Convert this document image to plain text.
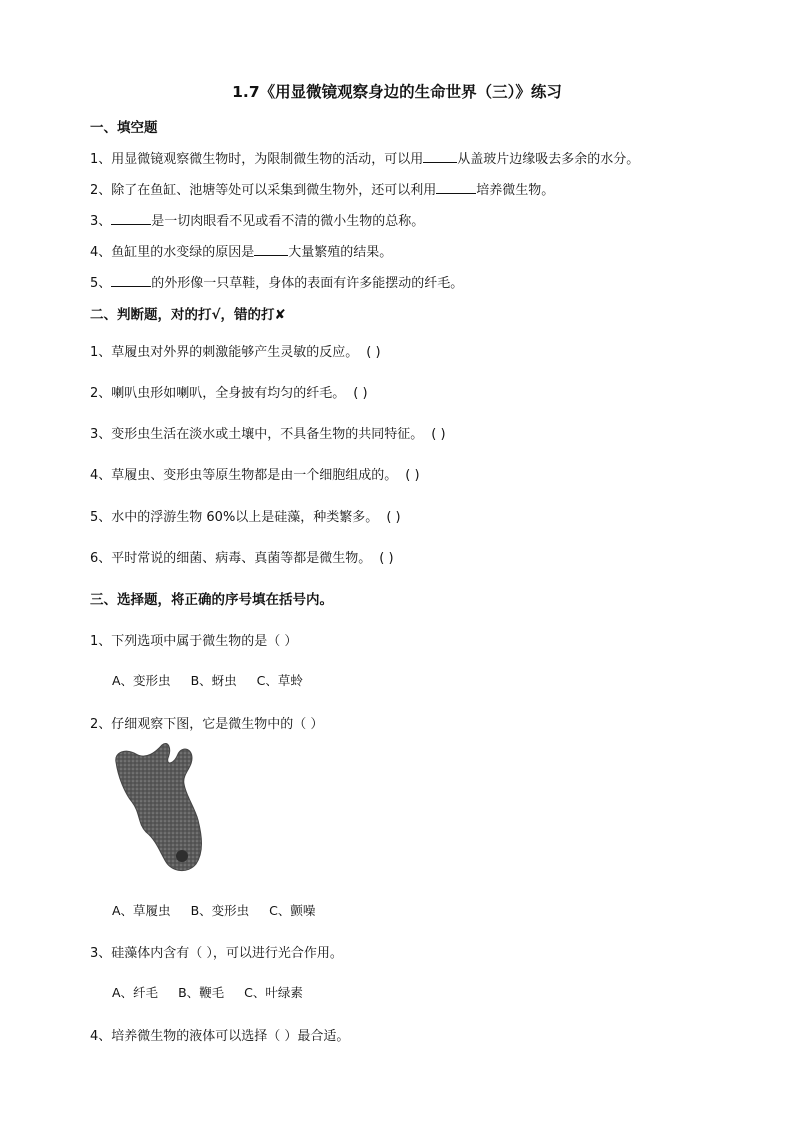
1.7《用显微镜观察身边的生命世界（三）》练习
一、填空题
1、用显微镜观察微生物时，为限制微生物的活动，可以用	从盖玻片边缘吸去多余的水分。
2、除了在鱼缸、池塘等处可以采集到微生物外，还可以利用	培养微生物。
3、	是一切肉眼看不见或看不清的微小生物的总称。
4、鱼缸里的水变绿的原因是	大量繁殖的结果。
5、	的外形像一只草鞋，身体的表面有许多能摆动的纤毛。
二、判断题，对的打√，错的打✘
1、草履虫对外界的刺激能够产生灵敏的反应。 ( )
2、喇叭虫形如喇叭，全身披有均匀的纤毛。 ( )
3、变形虫生活在淡水或土壤中，不具备生物的共同特征。 ( )
4、草履虫、变形虫等原生物都是由一个细胞组成的。 ( )
5、水中的浮游生物 60%以上是硅藻，种类繁多。 ( )
6、平时常说的细菌、病毒、真菌等都是微生物。 ( )
三、选择题，将正确的序号填在括号内。
1、下列选项中属于微生物的是（ ）
A、变形虫 B、蚜虫 C、草蛉
2、仔细观察下图，它是微生物中的（ ）
A、草履虫 B、变形虫 C、颤噪
3、硅藻体内含有（ ），可以进行光合作用。
A、纤毛 B、鞭毛 C、叶绿素
4、培养微生物的液体可以选择（ ）最合适。
